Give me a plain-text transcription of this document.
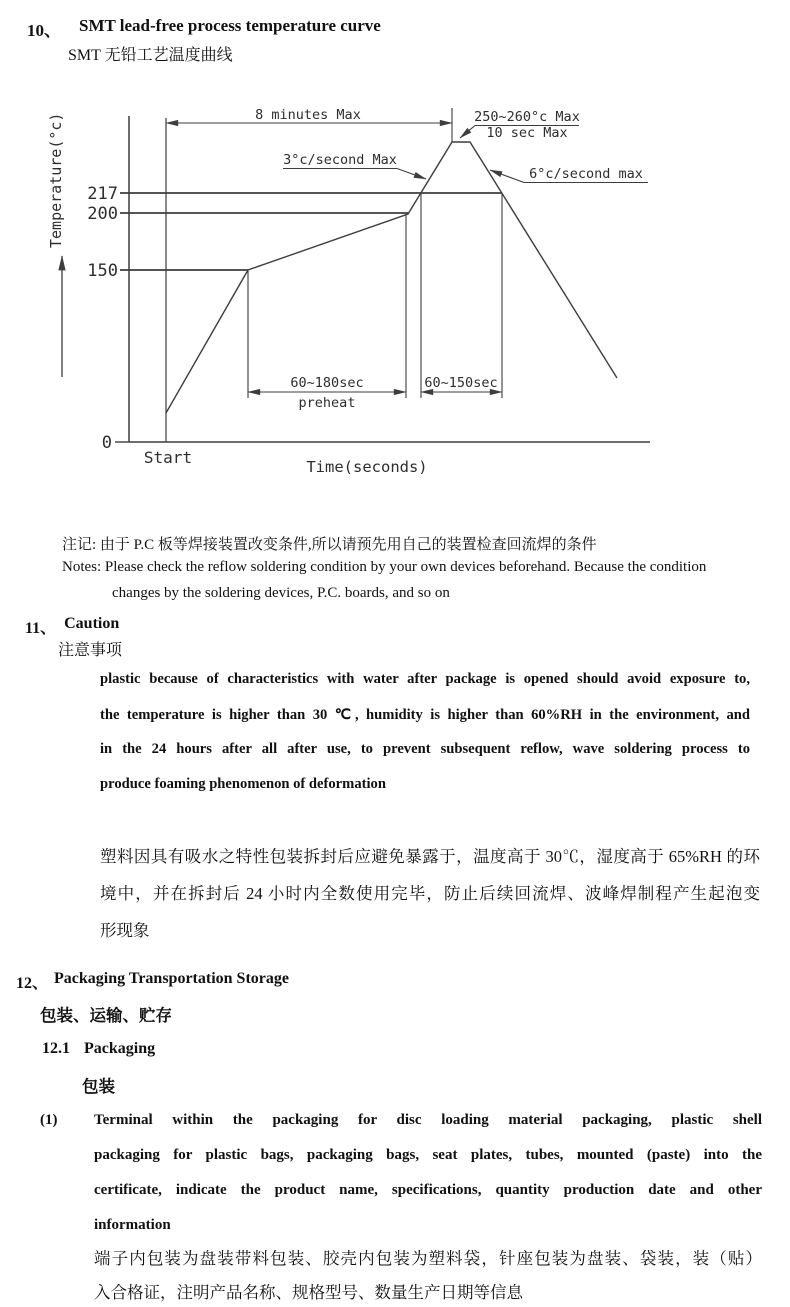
10、 SMT lead-free process temperature curve
SMT 无铅工艺温度曲线
0
Temperature(°c) 217
200
150
8 minutes Max	250~260°c Max
10 sec Max
3°c/second Max
6°c/second max
60~180sec
preheat
60~150sec
Start	Time(seconds)
注记: 由于 P.C 板等焊接装置改变条件,所以请预先用自己的装置检查回流焊的条件
Notes: Please check the reflow soldering condition by your own devices beforehand. Because the condition
changes by the soldering devices, P.C. boards, and so on
11、 Caution
注意事项
plastic because of characteristics with water after package is opened should avoid exposure to,
the temperature is higher than 30 ℃, humidity is higher than 60%RH in the environment, and
in the 24 hours after all after use, to prevent subsequent reflow, wave soldering process to
produce foaming phenomenon of deformation
塑料因具有吸水之特性包装拆封后应避免暴露于，温度高于 30℃，湿度高于 65%RH 的环
境中，并在拆封后 24 小时内全数使用完毕，防止后续回流焊、波峰焊制程产生起泡变
形现象
12、 Packaging Transportation Storage
包装、运输、贮存
12.1 Packaging
包装
(1) Terminal within the packaging for disc loading material packaging, plastic shell
packaging for plastic bags, packaging bags, seat plates, tubes, mounted (paste) into the
certificate, indicate the product name, specifications, quantity production date and other
information
端子内包装为盘装带料包装、胶壳内包装为塑料袋，针座包装为盘装、袋装，装（贴）
入合格证，注明产品名称、规格型号、数量生产日期等信息
